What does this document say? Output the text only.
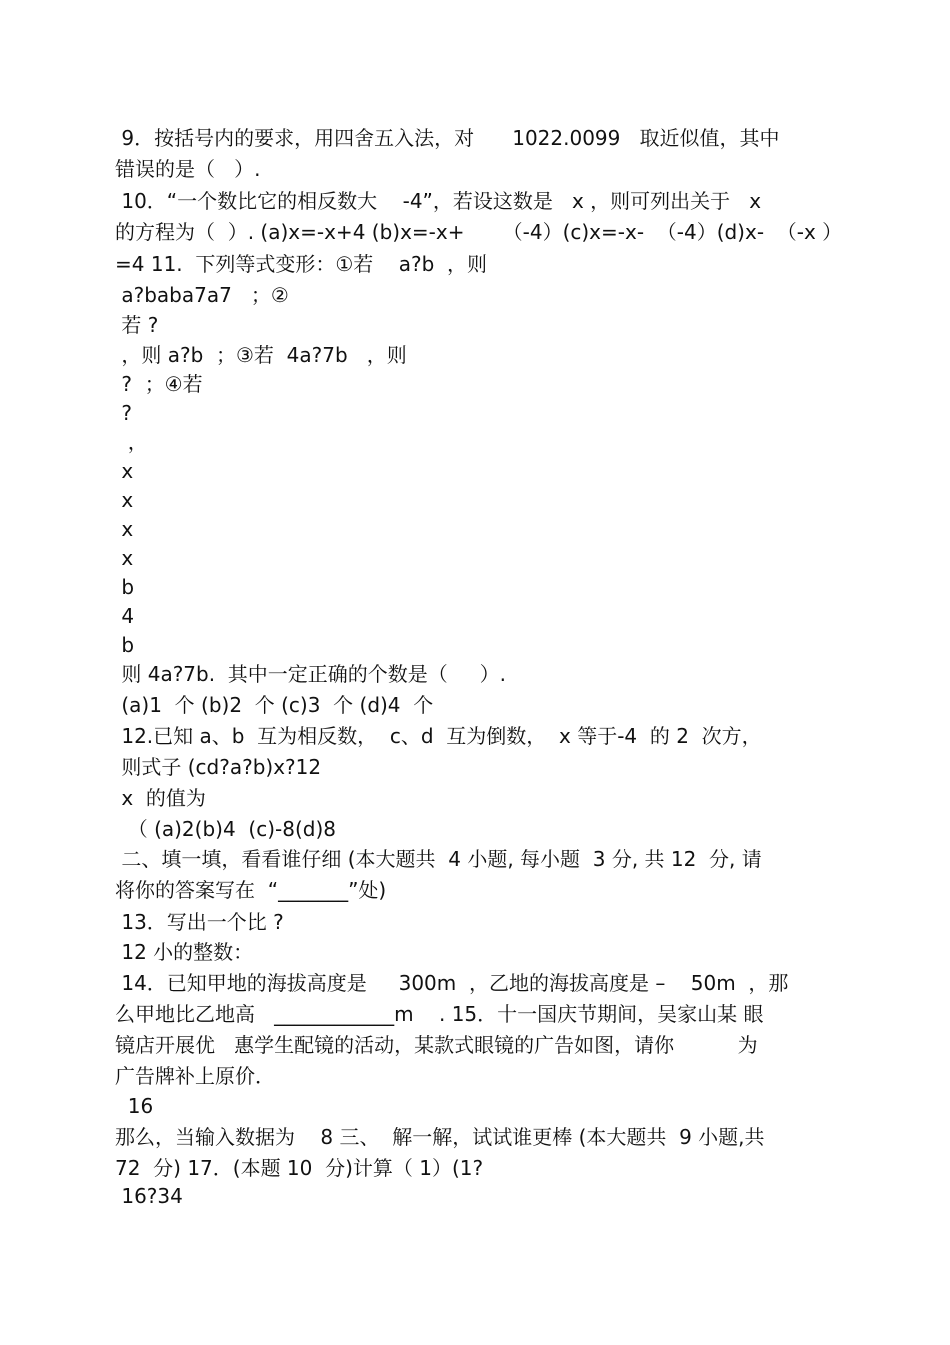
9．按括号内的要求，用四舍五入法，对      1022.0099   取近似值，其中
错误的是（   ）.
10．“一个数比它的相反数大    -4”，若设这数是   x ，则可列出关于   x
的方程为（  ）. (a)x=-x+4 (b)x=-x+      （-4）(c)x=-x-  （-4）(d)x-  （-x ）
=4 11.  下列等式变形：①若    a?b  ，则
a?baba7a7   ；②
若 ?
，则 a?b  ；③若  4a?7b   ，则
?  ；④若
?
，
x
x
x
x
b
4
b
则 4a?7b.  其中一定正确的个数是（     ）.
(a)1  个 (b)2  个 (c)3  个 (d)4  个
12.已知 a、b  互为相反数，  c、d  互为倒数，  x 等于-4  的 2  次方，
则式子 (cd?a?b)x?12
x  的值为
（ (a)2(b)4  (c)-8(d)8
二、填一填，看看谁仔细 (本大题共  4 小题, 每小题  3 分, 共 12  分, 请
将你的答案写在  “_______”处)
13．写出一个比 ?
12 小的整数：
14．已知甲地的海拔高度是     300m  ，乙地的海拔高度是 –    50m  ，那
么甲地比乙地高   ____________m    . 15．十一国庆节期间，吴家山某 眼
镜店开展优   惠学生配镜的活动，某款式眼镜的广告如图，请你          为
广告牌补上原价．
16
那么，当输入数据为    8 三、  解一解，试试谁更棒 (本大题共  9 小题,共
72  分) 17．(本题 10  分)计算（ 1）(1?
16?34
